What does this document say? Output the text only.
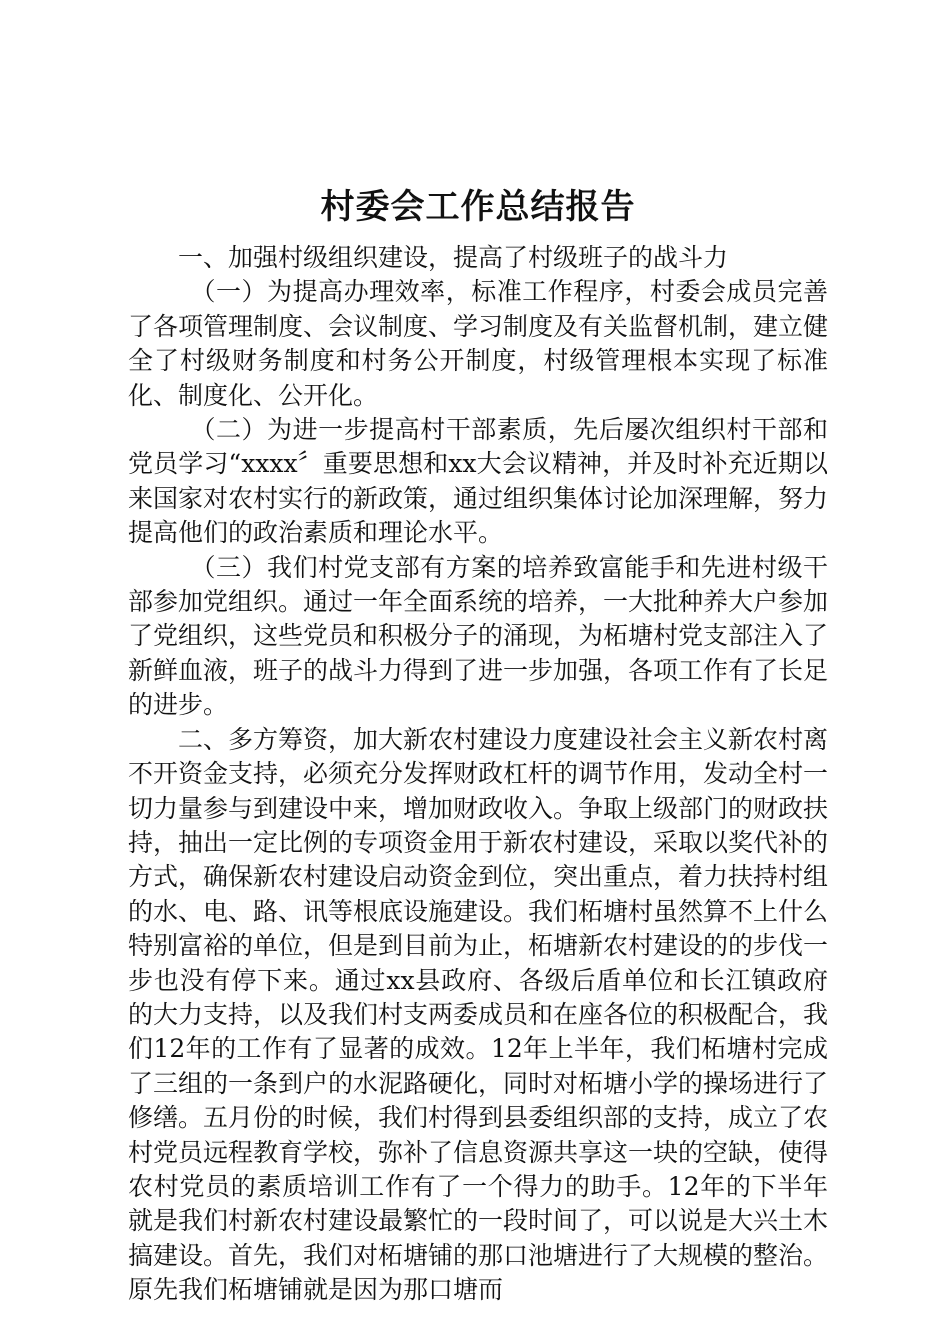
村委会工作总结报告

一、加强村级组织建设，提高了村级班子的战斗力

（一）为提高办理效率，标准工作程序，村委会成员完善了各项管理制度、会议制度、学习制度及有关监督机制，建立健全了村级财务制度和村务公开制度，村级管理根本实现了标准化、制度化、公开化。

（二）为进一步提高村干部素质，先后屡次组织村干部和党员学习“xxxx〞重要思想和xx大会议精神，并及时补充近期以来国家对农村实行的新政策，通过组织集体讨论加深理解，努力提高他们的政治素质和理论水平。

（三）我们村党支部有方案的培养致富能手和先进村级干部参加党组织。通过一年全面系统的培养，一大批种养大户参加了党组织，这些党员和积极分子的涌现，为柘塘村党支部注入了新鲜血液，班子的战斗力得到了进一步加强，各项工作有了长足的进步。

二、多方筹资，加大新农村建设力度建设社会主义新农村离不开资金支持，必须充分发挥财政杠杆的调节作用，发动全村一切力量参与到建设中来，增加财政收入。争取上级部门的财政扶持，抽出一定比例的专项资金用于新农村建设，采取以奖代补的方式，确保新农村建设启动资金到位，突出重点，着力扶持村组的水、电、路、讯等根底设施建设。我们柘塘村虽然算不上什么特别富裕的单位，但是到目前为止，柘塘新农村建设的的步伐一步也没有停下来。通过xx县政府、各级后盾单位和长江镇政府的大力支持，以及我们村支两委成员和在座各位的积极配合，我们12年的工作有了显著的成效。12年上半年，我们柘塘村完成了三组的一条到户的水泥路硬化，同时对柘塘小学的操场进行了修缮。五月份的时候，我们村得到县委组织部的支持，成立了农村党员远程教育学校，弥补了信息资源共享这一块的空缺，使得农村党员的素质培训工作有了一个得力的助手。12年的下半年就是我们村新农村建设最繁忙的一段时间了，可以说是大兴土木搞建设。首先，我们对柘塘铺的那口池塘进行了大规模的整治。原先我们柘塘铺就是因为那口塘而
